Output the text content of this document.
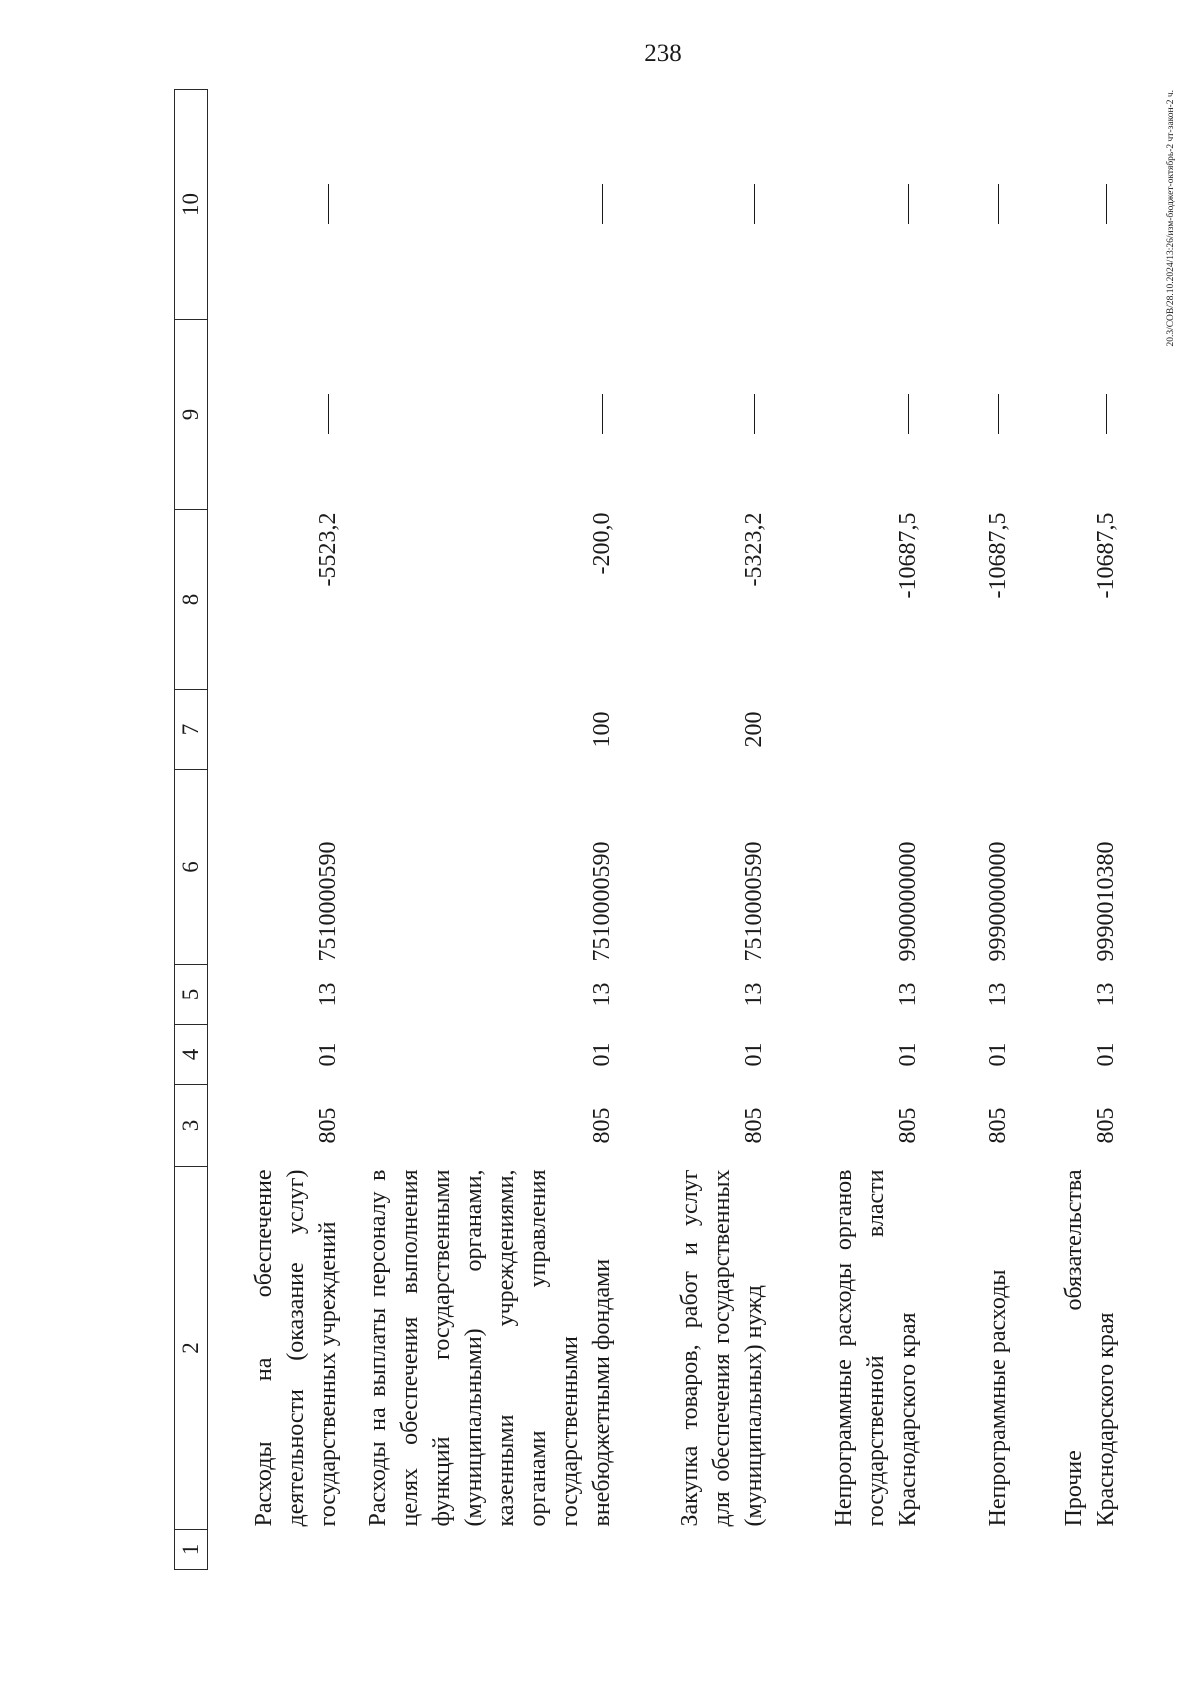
238
20.3/СОВ/28.10.2024/13:26/изм-бюджет-октябрь-2 чт-закон-2 ч.
1	2	3	4	5	6	7	8	9	10
	Расходы на обеспечение деятельности (оказание услуг) государственных учреждений	805	01	13	7510000590		-5523,2		
	Расходы на выплаты персоналу в целях обеспечения выполнения функций государственными (муниципальными) органами, казенными учреждениями, органами управления государственными внебюджетными фондами	805	01	13	7510000590	100	-200,0		
	Закупка товаров, работ и услуг для обеспечения государственных (муниципальных) нужд	805	01	13	7510000590	200	-5323,2		
	Непрограммные расходы органов государственной власти Краснодарского края	805	01	13	9900000000		-10687,5		
	Непрограммные расходы	805	01	13	9990000000		-10687,5		
	Прочие обязательства Краснодарского края	805	01	13	9990010380		-10687,5		
